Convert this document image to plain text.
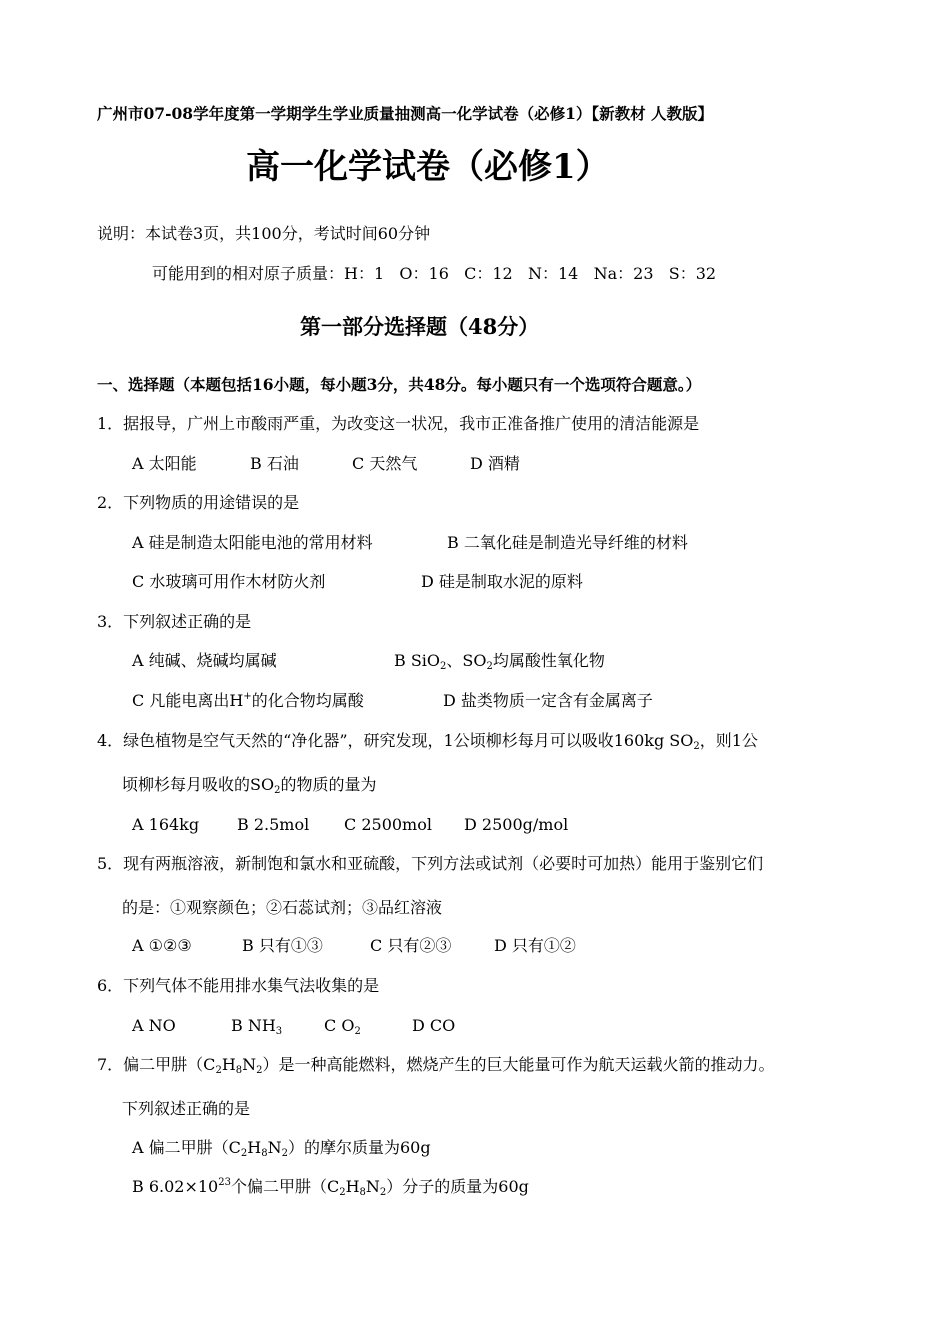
广州市07-08学年度第一学期学生学业质量抽测高一化学试卷（必修1）【新教材 人教版】
高一化学试卷（必修1）
说明：本试卷3页，共100分，考试时间60分钟
可能用到的相对原子质量：H：1   O：16   C：12   N：14   Na：23   S：32
第一部分选择题（48分）
一、选择题（本题包括16小题，每小题3分，共48分。每小题只有一个选项符合题意。）
1．据报导，广州上市酸雨严重，为改变这一状况，我市正准备推广使用的清洁能源是
A 太阳能	B 石油	C 天然气	D 酒精
2．下列物质的用途错误的是
A 硅是制造太阳能电池的常用材料	B 二氧化硅是制造光导纤维的材料
C 水玻璃可用作木材防火剂	D 硅是制取水泥的原料
3．下列叙述正确的是
A 纯碱、烧碱均属碱	B SiO$_2$、$SO_2$均属酸性氧化物
C 凡能电离出H+的化合物均属酸	D 盐类物质一定含有金属离子
4．绿色植物是空气天然的“净化器”，研究发现，1公顷柳杉每月可以吸收160kg $SO_2$，则1公
顷柳杉每月吸收的$SO_2$的物质的量为
A 164kg B 2.5mol C 2500mol D 2500g/mol
5．现有两瓶溶液，新制饱和氯水和亚硫酸，下列方法或试剂（必要时可加热）能用于鉴别它们
的是：①观察颜色；②石蕊试剂；③品红溶液
A ①②③	B 只有①③	C 只有②③	D 只有①②
6．下列气体不能用排水集气法收集的是
A NO	B $NH_3$	C $O_2$	D CO
7．偏二甲肼$(C_2H_8N_2)$是一种高能燃料，燃烧产生的巨大能量可作为航天运载火箭的推动力。
下列叙述正确的是
A 偏二甲肼$(C_2H_8N_2)$的摩尔质量为60g
B $6.02\times 10^{23}$个偏二甲肼$(C_2H_8N_2)$分子的质量为60g
